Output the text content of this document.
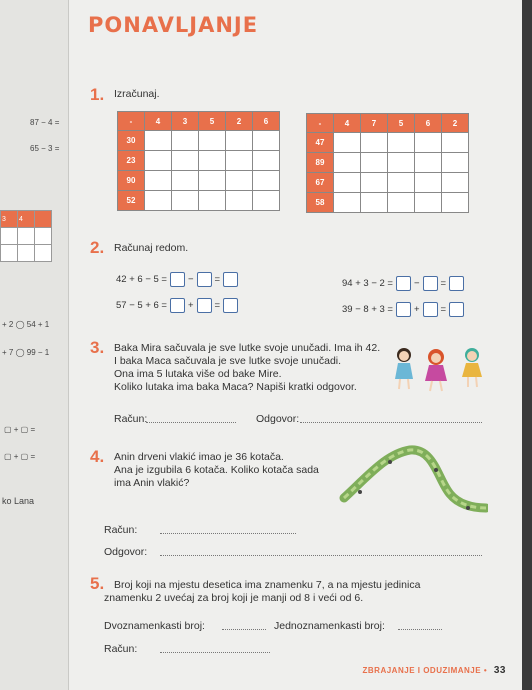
87 − 4 =
65 − 3 =
3	4	

+ 2 ◯ 54 + 1
+ 7 ◯ 99 − 1
▢ + ▢ =
▢ + ▢ =
ko Lana
PONAVLJANJE
1. Izračunaj.
-	4	3	5	2	6
30					
23					
90					
52					
-	4	7	5	6	2
47					
89					
67					
58					
2. Računaj redom.
42 + 6 − 5 = − =
57 − 5 + 6 = + =
94 + 3 − 2 = − =
39 − 8 + 3 = + =
3. Baka Mira sačuvala je sve lutke svoje unučadi. Ima ih 42.
I baka Maca sačuvala je sve lutke svoje unučadi.
Ona ima 5 lutaka više od bake Mire.
Koliko lutaka ima baka Maca? Napiši kratki odgovor.
Račun:	Odgovor:
4. Anin drveni vlakić imao je 36 kotača.
Ana je izgubila 6 kotača. Koliko kotača sada
ima Anin vlakić?
Račun:
Odgovor:
5. Broj koji na mjestu desetica ima znamenku 7, a na mjestu jedinica
znamenku 2 uvećaj za broj koji je manji od 8 i veći od 6.
Dvoznamenkasti broj:	Jednoznamenkasti broj:
Račun:
ZBRAJANJE I ODUZIMANJE • 33
